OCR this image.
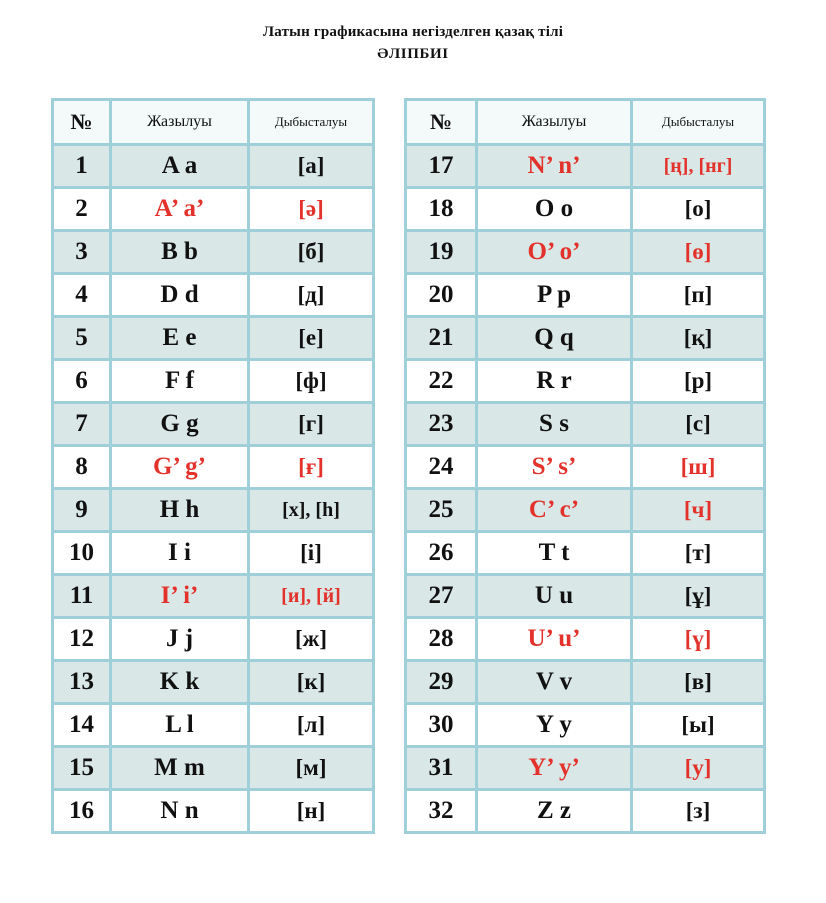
Латын графикасына негізделген қазақ тілі
ӘЛІПБИІ
№	Жазылуы	Дыбысталуы
1	A a	[а]
2	A’ a’	[ә]
3	B b	[б]
4	D d	[д]
5	E e	[е]
6	F f	[ф]
7	G g	[г]
8	G’ g’	[ғ]
9	H h	[х], [h]
10	I i	[і]
11	I’ i’	[и], [й]
12	J j	[ж]
13	K k	[к]
14	L l	[л]
15	M m	[м]
16	N n	[н]
№	Жазылуы	Дыбысталуы
17	N’ n’	[ң], [нг]
18	O o	[о]
19	O’ o’	[ө]
20	P p	[п]
21	Q q	[қ]
22	R r	[р]
23	S s	[с]
24	S’ s’	[ш]
25	C’ c’	[ч]
26	T t	[т]
27	U u	[ұ]
28	U’ u’	[ү]
29	V v	[в]
30	Y y	[ы]
31	Y’ y’	[у]
32	Z z	[з]
